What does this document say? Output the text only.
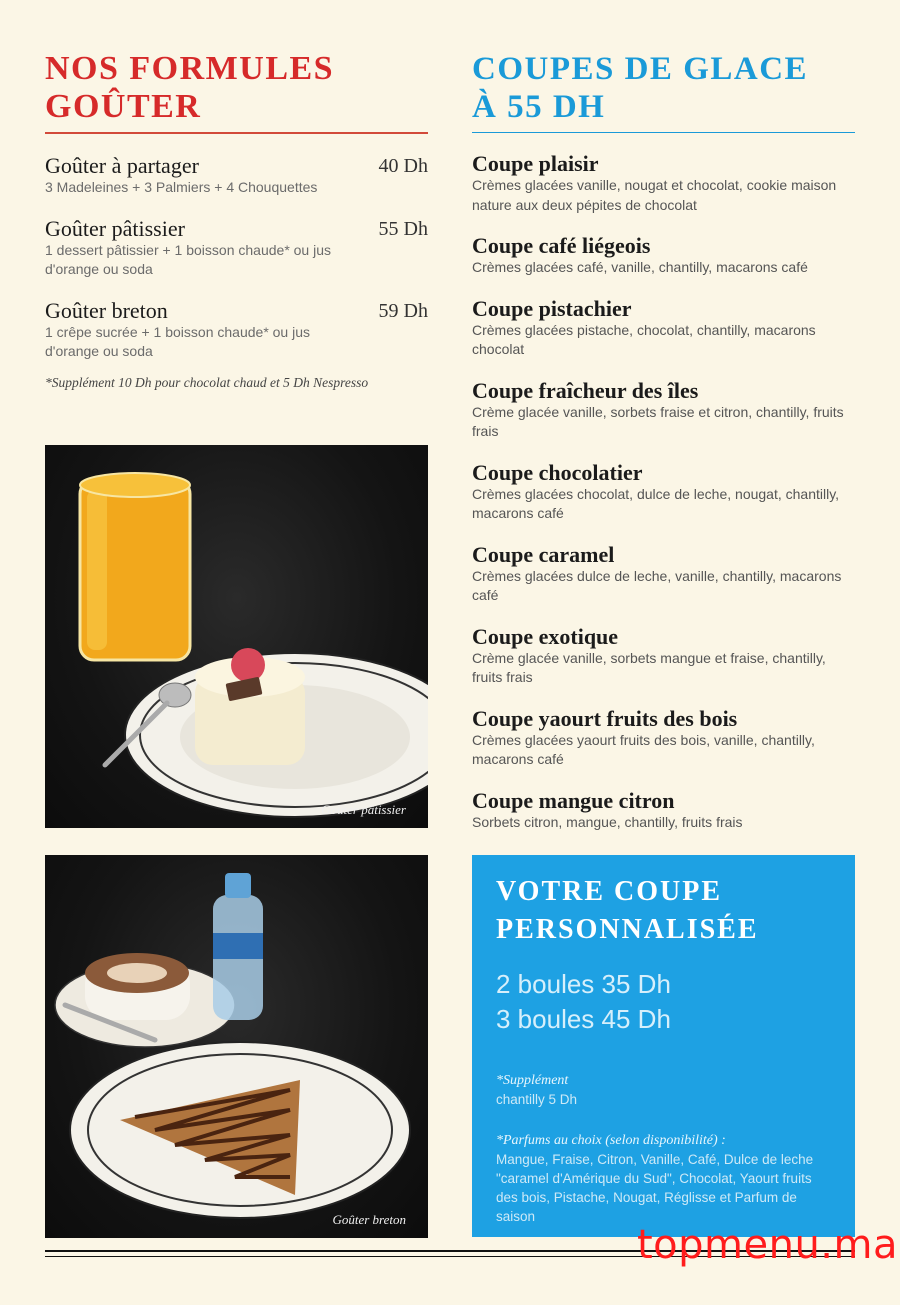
NOS FORMULES
GOÛTER
Goûter à partager	40 Dh
3 Madeleines + 3 Palmiers + 4 Chouquettes
Goûter pâtissier	55 Dh
1 dessert pâtissier + 1 boisson chaude* ou jus d'orange ou soda
Goûter breton	59 Dh
1 crêpe sucrée + 1 boisson chaude* ou jus d'orange ou soda
*Supplément 10 Dh pour chocolat chaud et 5 Dh Nespresso
Goûter pâtissier
Goûter breton
COUPES DE GLACE
À 55 DH
Coupe plaisir
Crèmes glacées vanille, nougat et chocolat, cookie maison nature aux deux pépites de chocolat
Coupe café liégeois
Crèmes glacées café, vanille, chantilly, macarons café
Coupe pistachier
Crèmes glacées pistache, chocolat, chantilly, macarons chocolat
Coupe fraîcheur des îles
Crème glacée vanille, sorbets fraise et citron, chantilly, fruits frais
Coupe chocolatier
Crèmes glacées chocolat, dulce de leche, nougat, chantilly, macarons café
Coupe caramel
Crèmes glacées dulce de leche, vanille, chantilly, macarons café
Coupe exotique
Crème glacée vanille, sorbets mangue et fraise, chantilly, fruits frais
Coupe yaourt fruits des bois
Crèmes glacées yaourt fruits des bois, vanille, chantilly, macarons café
Coupe mangue citron
Sorbets citron, mangue, chantilly, fruits frais
VOTRE COUPE
PERSONNALISÉE
2 boules 35 Dh
3 boules 45 Dh
*Supplément
chantilly 5 Dh
*Parfums au choix (selon disponibilité) :
Mangue, Fraise, Citron, Vanille, Café, Dulce de leche "caramel d'Amérique du Sud", Chocolat, Yaourt fruits des bois, Pistache, Nougat, Réglisse et Parfum de saison
topmenu.ma
